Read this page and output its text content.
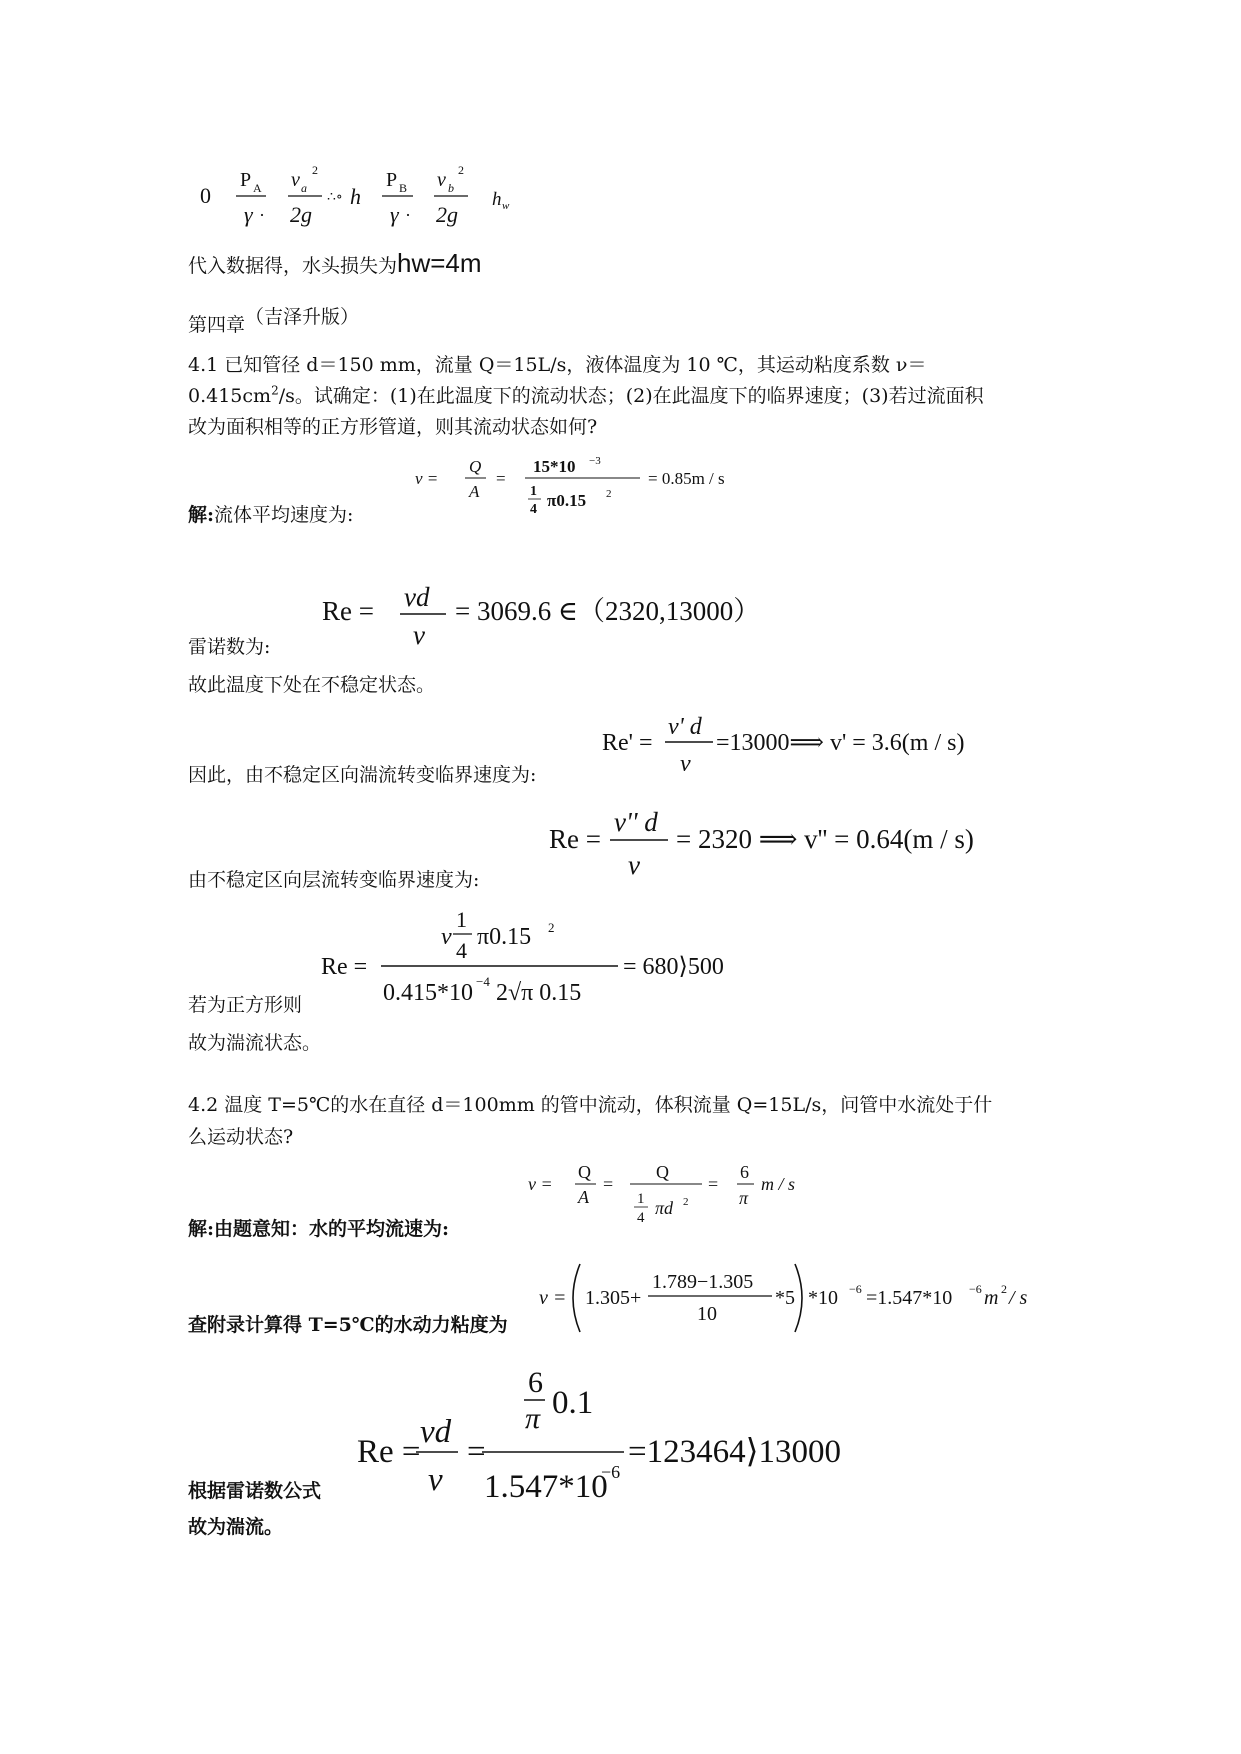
0
P A
γ ·
v a
2
2g
∴∘ h
P B
γ ·
v b
2
2g
h w
v =
Q
A
=
15*10 −3
1
4 π0.15 2
= 0.85m / s
Re = vd
ν
= 3069.6 ∈（2320,13000）
Re' =
v' d
ν
=13000⟹ v' = 3.6(m / s)
Re =
v'' d
ν
= 2320 ⟹ v'' = 0.64(m / s)
Re =
v
1
4
π0.15 2
0.415*10 −4 2√π 0.15
= 680⟩500
v =
Q
A
=
Q
1
4 πd 2
=
6
π
m / s
ν = 1.305+
1.789−1.305
10
*5 *10 −6 =1.547*10 −6 m 2 / s
Re =
vd
ν
=
6
π 0.1
1.547*10
−6
=123464⟩13000
代入数据得，水头损失为hw=4m
第四章（吉泽升版）
4.1 已知管径 d＝150 mm，流量 Q＝15L/s，液体温度为 10 ℃，其运动粘度系数 ν＝
$0.415cm^2/s$。试确定：(1)在此温度下的流动状态；(2)在此温度下的临界速度；(3)若过流面积
改为面积相等的正方形管道，则其流动状态如何?
解:流体平均速度为:
雷诺数为:
故此温度下处在不稳定状态。
因此，由不稳定区向湍流转变临界速度为:
由不稳定区向层流转变临界速度为:
若为正方形则
故为湍流状态。
4.2 温度 T=5℃的水在直径 d＝100mm 的管中流动，体积流量 Q=15L/s，问管中水流处于什
么运动状态?
解:由题意知：水的平均流速为:
查附录计算得 T=5℃的水动力粘度为
根据雷诺数公式
故为湍流。
